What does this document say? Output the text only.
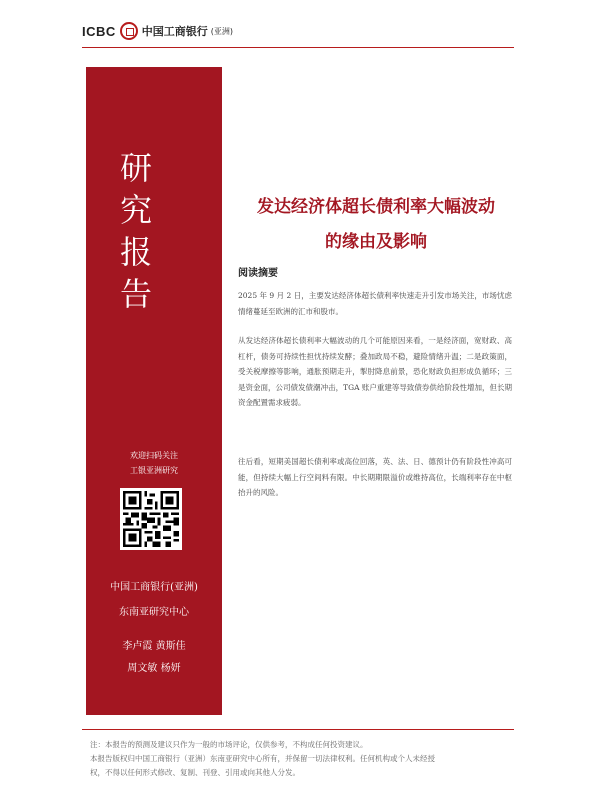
ICBC 中国工商银行 (亚洲)
研
究
报
告
欢迎扫码关注
工银亚洲研究
中国工商银行(亚洲)
东南亚研究中心
李卢霞 黄斯佳
周文敏 杨妍
发达经济体超长债利率大幅波动
的缘由及影响
阅读摘要

2025 年 9 月 2 日，主要发达经济体超长债利率快速走升引发市场关注，市场忧虑情绪蔓延至欧洲的汇市和股市。

从发达经济体超长债利率大幅波动的几个可能原因来看，一是经济面，宽财政、高杠杆，债务可持续性担忧持续发酵；叠加政局不稳，避险情绪升温；二是政策面，受关税摩擦等影响，通胀预期走升，掣肘降息前景，恐化财政负担形成负循环；三是资金面，公司债发债潮冲击，TGA 账户重建等导致债券供给阶段性增加，但长期资金配置需求疲弱。

往后看，短期美国超长债利率或高位回落，英、法、日、德预计仍有阶段性冲高可能，但持续大幅上行空间料有限。中长期期限溢价或维持高位，长端利率存在中枢抬升的风险。

注：本报告的预测及建议只作为一般的市场评论，仅供参考，不构成任何投资建议。
本报告版权归中国工商银行（亚洲）东南亚研究中心所有，并保留一切法律权利。任何机构或个人未经授
权，不得以任何形式修改、复制、刊登、引用或向其他人分发。
